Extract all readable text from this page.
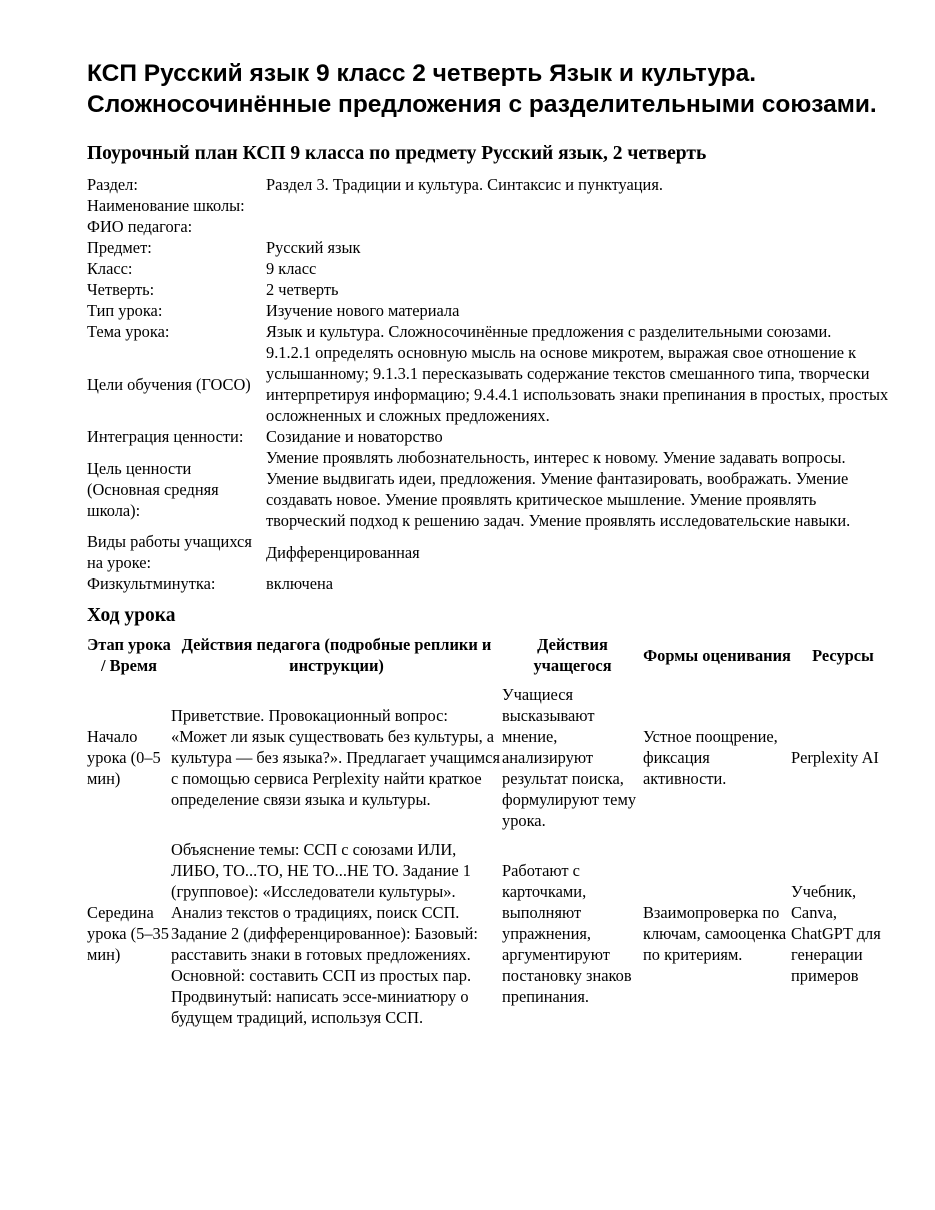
КСП Русский язык 9 класс 2 четверть Язык и культура. Сложносочинённые предложения с разделительными союзами.
Поурочный план КСП 9 класса по предмету Русский язык, 2 четверть
Раздел:	Раздел 3. Традиции и культура. Синтаксис и пунктуация.
Наименование школы:	
ФИО педагога:	
Предмет:	Русский язык
Класс:	9 класс
Четверть:	2 четверть
Тип урока:	Изучение нового материала
Тема урока:	Язык и культура. Сложносочинённые предложения с разделительными союзами.
Цели обучения (ГОСО)	9.1.2.1 определять основную мысль на основе микротем, выражая свое отношение к услышанному; 9.1.3.1 пересказывать содержание текстов смешанного типа, творчески интерпретируя информацию; 9.4.4.1 использовать знаки препинания в простых, простых осложненных и сложных предложениях.
Интеграция ценности:	Созидание и новаторство
Цель ценности (Основная средняя школа):	Умение проявлять любознательность, интерес к новому. Умение задавать вопросы. Умение выдвигать идеи, предложения. Умение фантазировать, воображать. Умение создавать новое. Умение проявлять критическое мышление. Умение проявлять творческий подход к решению задач. Умение проявлять исследовательские навыки.
Виды работы учащихся на уроке:	Дифференцированная
Физкультминутка:	включена
Ход урока
Этап урока / Время	Действия педагога (подробные реплики и инструкции)	Действия учащегося	Формы оценивания	Ресурсы
Начало урока (0–5 мин)	Приветствие. Провокационный вопрос: «Может ли язык существовать без культуры, а культура — без языка?». Предлагает учащимся с помощью сервиса Perplexity найти краткое определение связи языка и культуры.	Учащиеся высказывают мнение, анализируют результат поиска, формулируют тему урока.	Устное поощрение, фиксация активности.	Perplexity AI
Середина урока (5–35 мин)	Объяснение темы: ССП с союзами ИЛИ, ЛИБО, ТО...ТО, НЕ ТО...НЕ ТО. Задание 1 (групповое): «Исследователи культуры». Анализ текстов о традициях, поиск ССП. Задание 2 (дифференцированное): Базовый: расставить знаки в готовых предложениях. Основной: составить ССП из простых пар. Продвинутый: написать эссе-миниатюру о будущем традиций, используя ССП.	Работают с карточками, выполняют упражнения, аргументируют постановку знаков препинания.	Взаимопроверка по ключам, самооценка по критериям.	Учебник, Canva, ChatGPT для генерации примеров
